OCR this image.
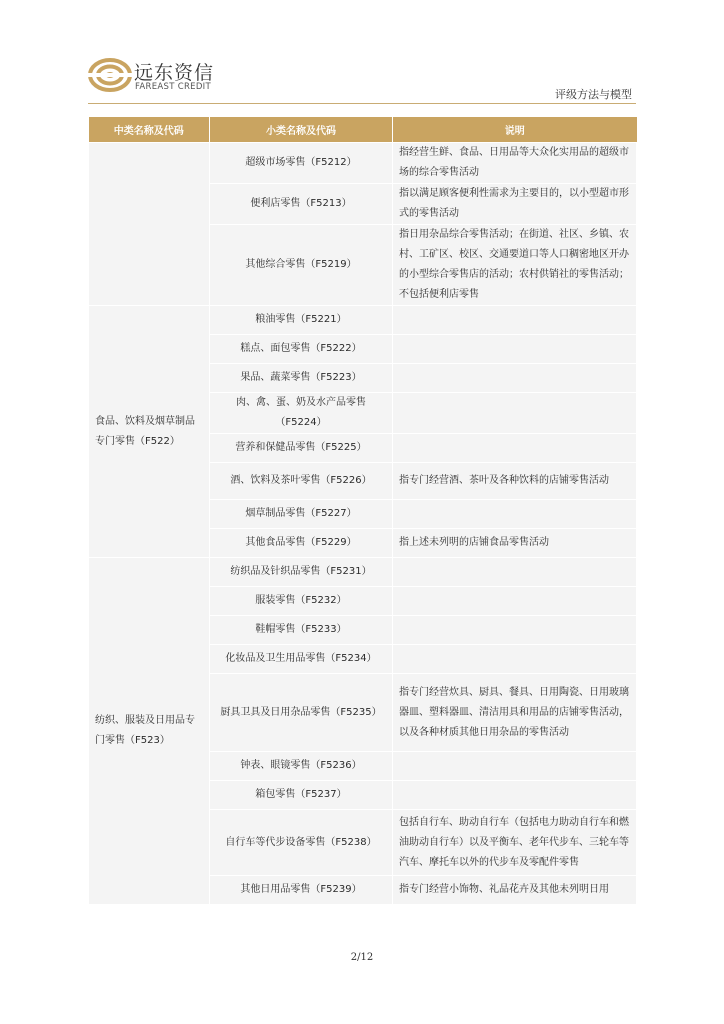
远东资信
FAREAST CREDIT
评级方法与模型
中类名称及代码	小类名称及代码	说明
	超级市场零售（F5212）	指经营生鲜、食品、日用品等大众化实用品的超级市场的综合零售活动
	便利店零售（F5213）	指以满足顾客便利性需求为主要目的，以小型超市形式的零售活动
	其他综合零售（F5219）	指日用杂品综合零售活动；在街道、社区、乡镇、农村、工矿区、校区、交通要道口等人口稠密地区开办的小型综合零售店的活动；农村供销社的零售活动；不包括便利店零售
食品、饮料及烟草制品专门零售（F522）	粮油零售（F5221）	
	糕点、面包零售（F5222）	
	果品、蔬菜零售（F5223）	
	肉、禽、蛋、奶及水产品零售（F5224）	
	营养和保健品零售（F5225）	
	酒、饮料及茶叶零售（F5226）	指专门经营酒、茶叶及各种饮料的店铺零售活动
	烟草制品零售（F5227）	
	其他食品零售（F5229）	指上述未列明的店铺食品零售活动
纺织、服装及日用品专门零售（F523）	纺织品及针织品零售（F5231）	
	服装零售（F5232）	
	鞋帽零售（F5233）	
	化妆品及卫生用品零售（F5234）	
	厨具卫具及日用杂品零售（F5235）	指专门经营炊具、厨具、餐具、日用陶瓷、日用玻璃器皿、塑料器皿、清洁用具和用品的店铺零售活动，以及各种材质其他日用杂品的零售活动
	钟表、眼镜零售（F5236）	
	箱包零售（F5237）	
	自行车等代步设备零售（F5238）	包括自行车、助动自行车（包括电力助动自行车和燃油助动自行车）以及平衡车、老年代步车、三轮车等汽车、摩托车以外的代步车及零配件零售
	其他日用品零售（F5239）	指专门经营小饰物、礼品花卉及其他未列明日用
2/12
